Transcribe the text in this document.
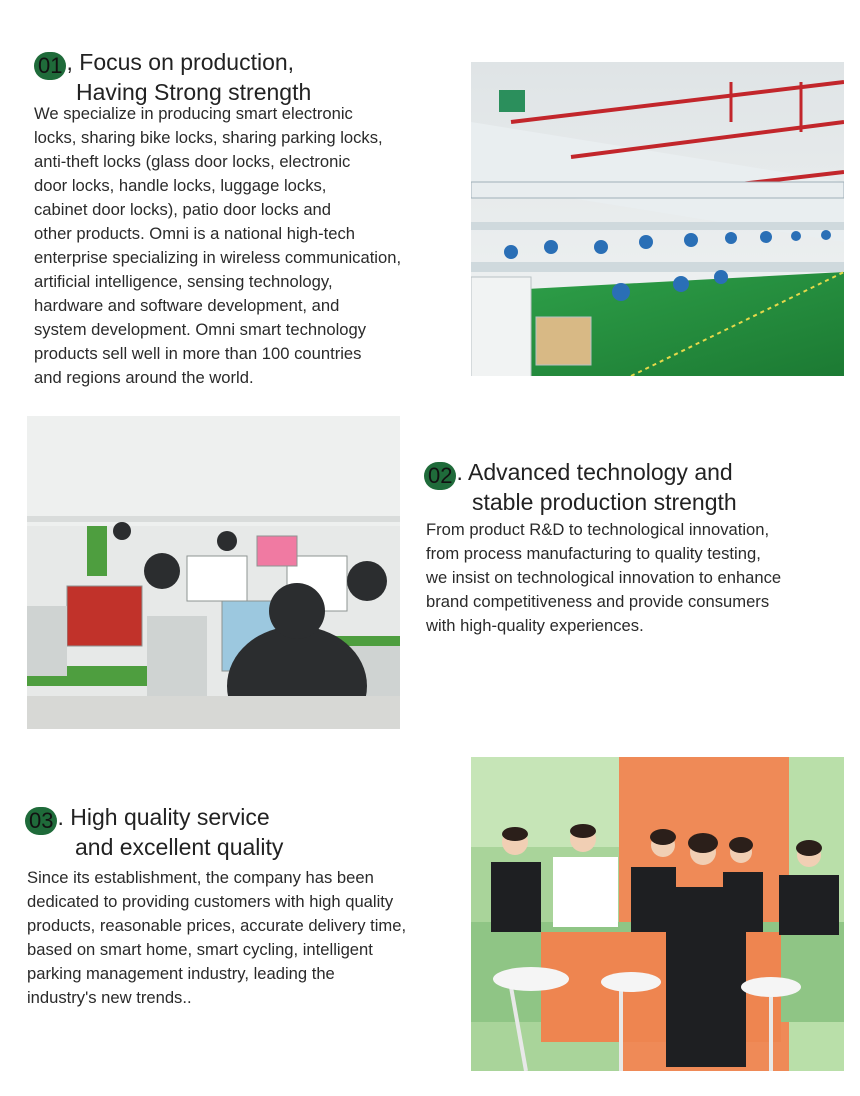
01 , Focus on production,
Having Strong strength
We specialize in producing smart electronic
locks, sharing bike locks, sharing parking locks,
anti-theft locks (glass door locks, electronic
door locks, handle locks, luggage locks,
cabinet door locks), patio door locks and
other products. Omni is a national high-tech
enterprise specializing in wireless communication,
artificial intelligence, sensing technology,
hardware and software development, and
system development. Omni smart technology
products sell well in more than 100 countries
and regions around the world.
02 . Advanced technology and
stable production strength
From product R&D to technological innovation,
from process manufacturing to quality testing,
we insist on technological innovation to enhance
brand competitiveness and provide consumers
with high-quality experiences.
03 . High quality service
and excellent quality
Since its establishment, the company has been
dedicated to providing customers with high quality
products, reasonable prices, accurate delivery time,
based on smart home, smart cycling, intelligent
parking management industry, leading the
industry's new trends..
